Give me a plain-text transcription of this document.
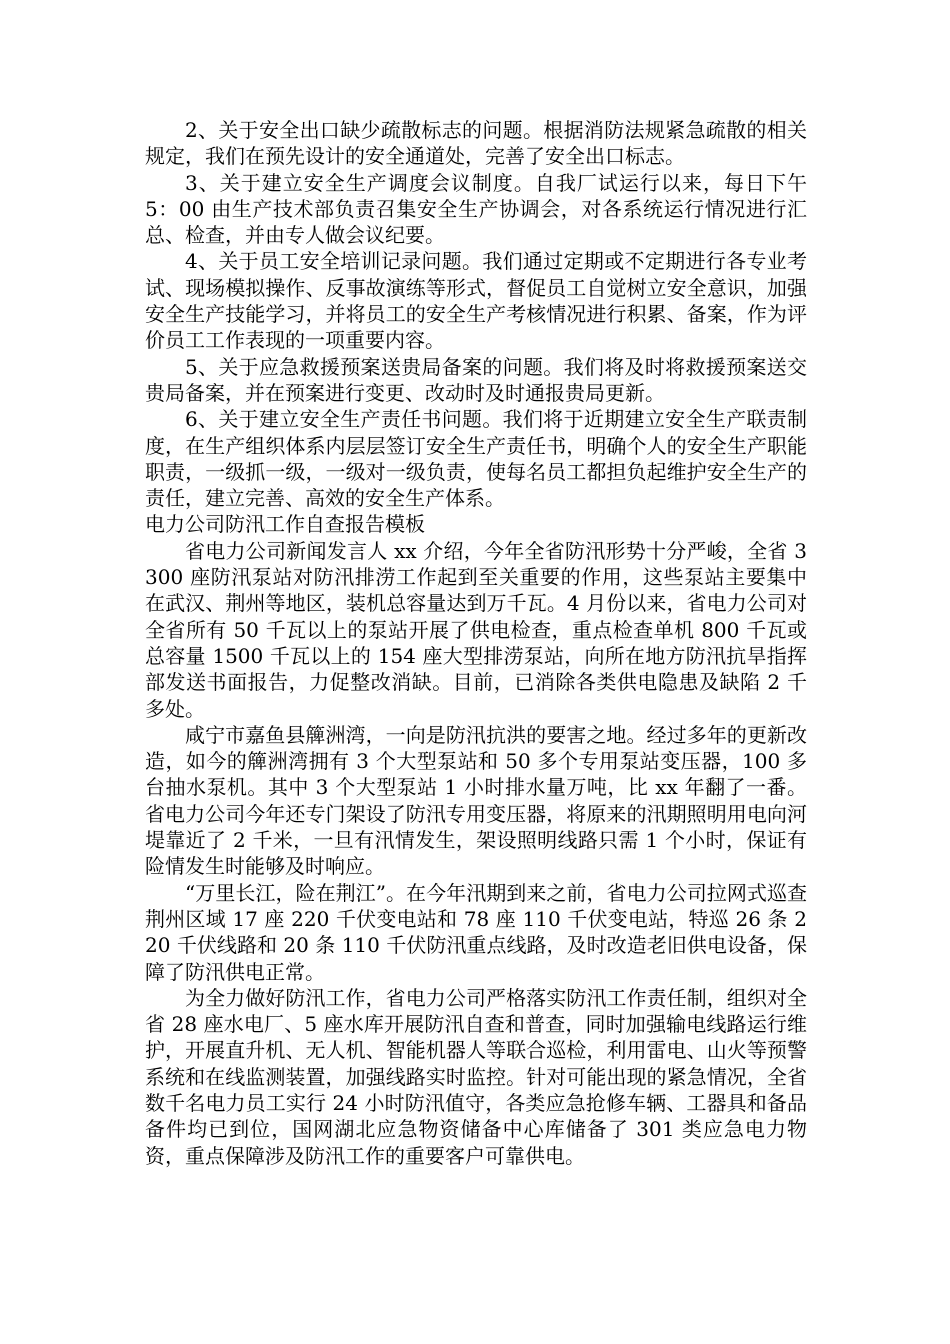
2、关于安全出口缺少疏散标志的问题。根据消防法规紧急疏散的相关规定，我们在预先设计的安全通道处，完善了安全出口标志。

3、关于建立安全生产调度会议制度。自我厂试运行以来，每日下午 5：00 由生产技术部负责召集安全生产协调会，对各系统运行情况进行汇总、检查，并由专人做会议纪要。

4、关于员工安全培训记录问题。我们通过定期或不定期进行各专业考试、现场模拟操作、反事故演练等形式，督促员工自觉树立安全意识，加强安全生产技能学习，并将员工的安全生产考核情况进行积累、备案，作为评价员工工作表现的一项重要内容。

5、关于应急救援预案送贵局备案的问题。我们将及时将救援预案送交贵局备案，并在预案进行变更、改动时及时通报贵局更新。

6、关于建立安全生产责任书问题。我们将于近期建立安全生产联责制度，在生产组织体系内层层签订安全生产责任书，明确个人的安全生产职能职责，一级抓一级，一级对一级负责，使每名员工都担负起维护安全生产的责任，建立完善、高效的安全生产体系。

电力公司防汛工作自查报告模板

省电力公司新闻发言人 xx 介绍，今年全省防汛形势十分严峻，全省 3300 座防汛泵站对防汛排涝工作起到至关重要的作用，这些泵站主要集中在武汉、荆州等地区，装机总容量达到万千瓦。4 月份以来，省电力公司对全省所有 50 千瓦以上的泵站开展了供电检查，重点检查单机 800 千瓦或总容量 1500 千瓦以上的 154 座大型排涝泵站，向所在地方防汛抗旱指挥部发送书面报告，力促整改消缺。目前，已消除各类供电隐患及缺陷 2 千多处。

咸宁市嘉鱼县簰洲湾，一向是防汛抗洪的要害之地。经过多年的更新改造，如今的簰洲湾拥有 3 个大型泵站和 50 多个专用泵站变压器，100 多台抽水泵机。其中 3 个大型泵站 1 小时排水量万吨，比 xx 年翻了一番。省电力公司今年还专门架设了防汛专用变压器，将原来的汛期照明用电向河堤靠近了 2 千米，一旦有汛情发生，架设照明线路只需 1 个小时，保证有险情发生时能够及时响应。

“万里长江，险在荆江”。在今年汛期到来之前，省电力公司拉网式巡查荆州区域 17 座 220 千伏变电站和 78 座 110 千伏变电站，特巡 26 条 220 千伏线路和 20 条 110 千伏防汛重点线路，及时改造老旧供电设备，保障了防汛供电正常。

为全力做好防汛工作，省电力公司严格落实防汛工作责任制，组织对全省 28 座水电厂、5 座水库开展防汛自查和普查，同时加强输电线路运行维护，开展直升机、无人机、智能机器人等联合巡检，利用雷电、山火等预警系统和在线监测装置，加强线路实时监控。针对可能出现的紧急情况，全省数千名电力员工实行 24 小时防汛值守，各类应急抢修车辆、工器具和备品备件均已到位，国网湖北应急物资储备中心库储备了 301 类应急电力物资，重点保障涉及防汛工作的重要客户可靠供电。
